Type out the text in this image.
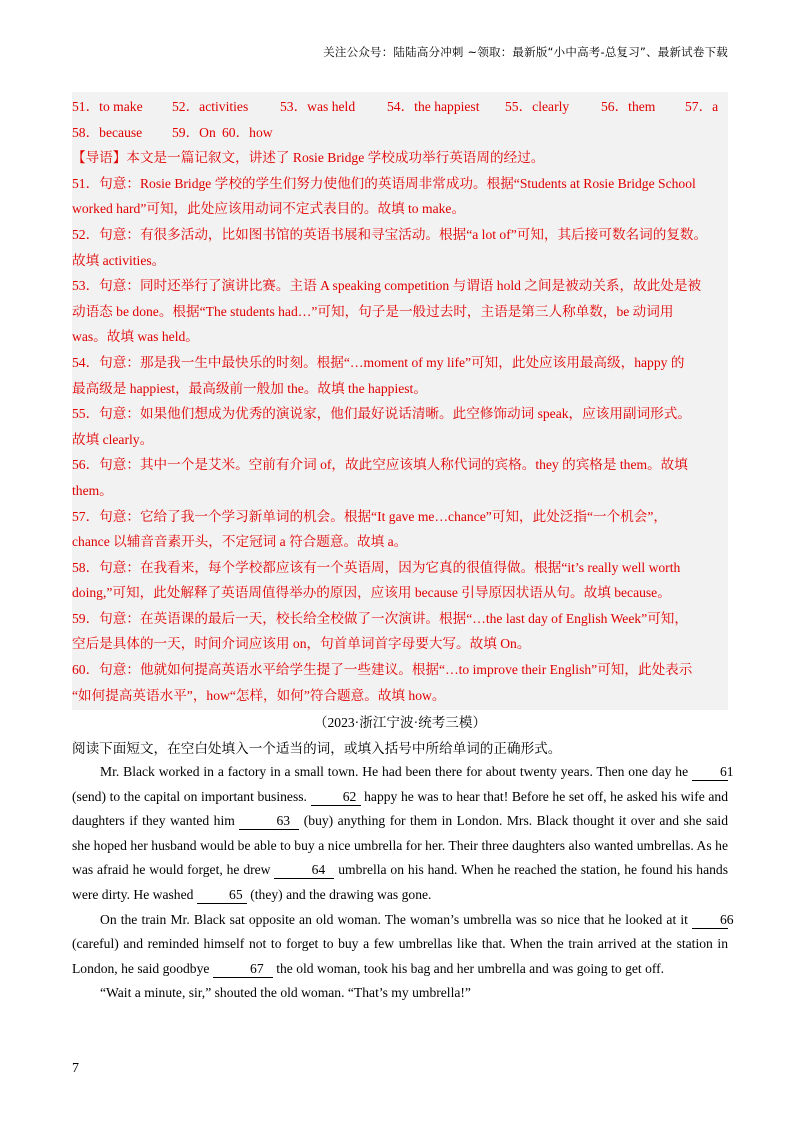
关注公众号：陆陆高分冲刺 ~领取：最新版“小中高考-总复习”、最新试卷下载
51．to make 52．activities 53．was held 54．the happiest 55．clearly 56．them 57．a
58．because 59．On 60．how
【导语】本文是一篇记叙文，讲述了 Rosie Bridge 学校成功举行英语周的经过。
51．句意：Rosie Bridge 学校的学生们努力使他们的英语周非常成功。根据“Students at Rosie Bridge School
worked hard”可知，此处应该用动词不定式表目的。故填 to make。
52．句意：有很多活动，比如图书馆的英语书展和寻宝活动。根据“a lot of”可知，其后接可数名词的复数。
故填 activities。
53．句意：同时还举行了演讲比赛。主语 A speaking competition 与谓语 hold 之间是被动关系，故此处是被
动语态 be done。根据“The students had…”可知，句子是一般过去时，主语是第三人称单数，be 动词用
was。故填 was held。
54．句意：那是我一生中最快乐的时刻。根据“…moment of my life”可知，此处应该用最高级，happy 的
最高级是 happiest，最高级前一般加 the。故填 the happiest。
55．句意：如果他们想成为优秀的演说家，他们最好说话清晰。此空修饰动词 speak，应该用副词形式。
故填 clearly。
56．句意：其中一个是艾米。空前有介词 of，故此空应该填人称代词的宾格。they 的宾格是 them。故填
them。
57．句意：它给了我一个学习新单词的机会。根据“It gave me…chance”可知，此处泛指“一个机会”，
chance 以辅音音素开头，不定冠词 a 符合题意。故填 a。
58．句意：在我看来，每个学校都应该有一个英语周，因为它真的很值得做。根据“it’s really well worth
doing,”可知，此处解释了英语周值得举办的原因，应该用 because 引导原因状语从句。故填 because。
59．句意：在英语课的最后一天，校长给全校做了一次演讲。根据“…the last day of English Week”可知，
空后是具体的一天，时间介词应该用 on，句首单词首字母要大写。故填 On。
60．句意：他就如何提高英语水平给学生提了一些建议。根据“…to improve their English”可知，此处表示
“如何提高英语水平”，how“怎样，如何”符合题意。故填 how。
（2023·浙江宁波·统考三模）
阅读下面短文，在空白处填入一个适当的词，或填入括号中所给单词的正确形式。

Mr. Black worked in a factory in a small town. He had been there for about twenty years. Then one day he 61 (send) to the capital on important business. 62 happy he was to hear that! Before he set off, he asked his wife and daughters if they wanted him	63 (buy) anything for them in London. Mrs. Black thought it over and she said she hoped her husband would be able to buy a nice umbrella for her. Their three daughters also wanted umbrellas. As he was afraid he would forget, he drew	64 umbrella on his hand. When he reached the station, he found his hands were dirty. He washed 65 (they) and the drawing was gone.

On the train Mr. Black sat opposite an old woman. The woman’s umbrella was so nice that he looked at it 66 (careful) and reminded himself not to forget to buy a few umbrellas like that. When the train arrived at the station in London, he said goodbye	67 the old woman, took his bag and her umbrella and was going to get off.

“Wait a minute, sir,” shouted the old woman. “That’s my umbrella!”

7
